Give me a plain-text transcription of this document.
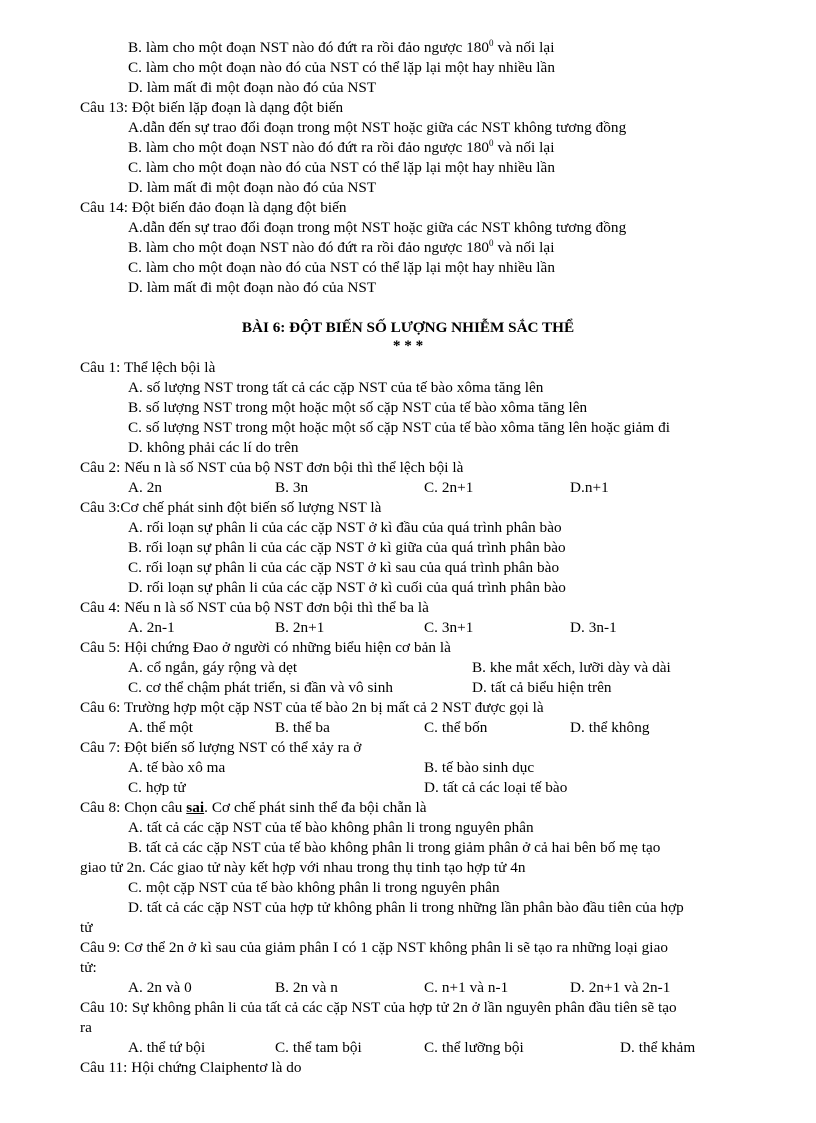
B. làm cho một đoạn NST nào đó đứt ra rồi đảo ngược $180^0$ và nối lại
C. làm cho một đoạn nào đó của NST có thể lặp lại một hay nhiều lần
D. làm mất đi một đoạn nào đó của NST
Câu 13: Đột biến lặp đoạn là dạng đột biến
A.dẫn đến sự trao đổi đoạn trong một NST hoặc giữa các NST không tương đồng
B. làm cho một đoạn NST nào đó đứt ra rồi đảo ngược $180^0$ và nối lại
C. làm cho một đoạn nào đó của NST có thể lặp lại một hay nhiều lần
D. làm mất đi một đoạn nào đó của NST
Câu 14: Đột biến đảo đoạn là dạng đột biến
A.dẫn đến sự trao đổi đoạn trong một NST hoặc giữa các NST không tương đồng
B. làm cho một đoạn NST nào đó đứt ra rồi đảo ngược $180^0$ và nối lại
C. làm cho một đoạn nào đó của NST có thể lặp lại một hay nhiều lần
D. làm mất đi một đoạn nào đó của NST
BÀI 6: ĐỘT BIẾN SỐ LƯỢNG NHIỄM SẮC THỂ
* * *
Câu 1: Thể lệch bội là
A. số lượng NST trong tất cả các cặp NST của tế bào xôma tăng lên
B. số lượng NST trong một hoặc một số cặp NST của tế bào xôma tăng lên
C. số lượng NST trong một hoặc một số cặp NST của tế bào xôma tăng lên hoặc giảm đi
D. không phải các lí do trên
Câu 2: Nếu n là số NST của bộ NST đơn bội thì thể lệch bội là
A. 2n	B. 3n	C. 2n+1	D.n+1
Câu 3:Cơ chế phát sinh đột biến số lượng NST là
A. rối loạn sự phân li của các cặp NST ở kì đầu của quá trình phân bào
B. rối loạn sự phân li của các cặp NST ở kì giữa của quá trình phân bào
C. rối loạn sự phân li của các cặp NST ở kì sau của quá trình phân bào
D. rối loạn sự phân li của các cặp NST ở kì cuối của quá trình phân bào
Câu 4: Nếu n là số NST của bộ NST đơn bội thì thể ba là
A. 2n-1	B. 2n+1	C. 3n+1	D. 3n-1
Câu 5: Hội chứng Đao ở người có những biểu hiện cơ bản là
A. cổ ngắn, gáy rộng và dẹt	B. khe mắt xếch, lưỡi dày và dài
C. cơ thể chậm phát triển, si đần và vô sinh	D. tất cả biểu hiện trên
Câu 6: Trường hợp một cặp NST của tế bào 2n bị mất cả 2 NST được gọi là
A. thể một	B. thể ba	C. thể bốn	D. thể không
Câu 7: Đột biến số lượng NST có thể xảy ra ở
A. tế bào xô ma	B. tế bào sinh dục
C. hợp tử	D. tất cả các loại tế bào
Câu 8: Chọn câu sai. Cơ chế phát sinh thể đa bội chẵn là
A. tất cả các cặp NST của tế bào không phân li trong nguyên phân
B. tất cả các cặp NST của tế bào không phân li trong giảm phân ở cả hai bên bố mẹ tạo
giao tử 2n. Các giao tử này kết hợp với nhau trong thụ tinh tạo hợp tử 4n
C. một cặp NST của tế bào không phân li trong nguyên phân
D. tất cả các cặp NST của hợp tử không phân li trong những lần phân bào đầu tiên của hợp
tử
Câu 9: Cơ thể 2n ở kì sau của giảm phân I có 1 cặp NST không phân li sẽ tạo ra những loại giao
tử:
A. 2n và 0	B. 2n và n	C. n+1 và n-1	D. 2n+1 và 2n-1
Câu 10: Sự không phân li của tất cả các cặp NST của hợp tử 2n ở lần nguyên phân đầu tiên sẽ tạo
ra
A. thể tứ bội	C. thể tam bội	C. thể lưỡng bội	D. thể khảm
Câu 11: Hội chứng Claiphentơ là do
